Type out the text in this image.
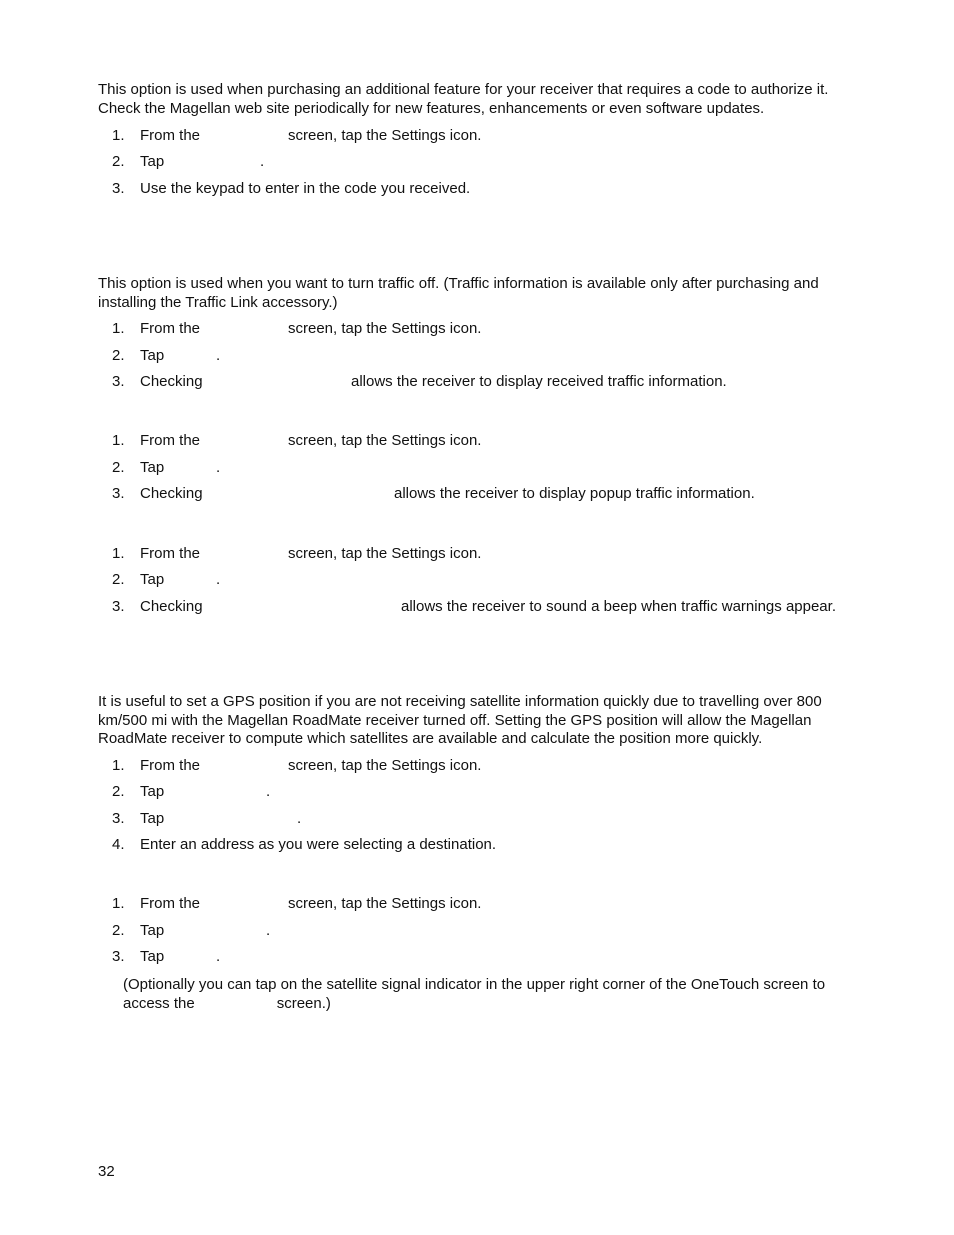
This option is used when purchasing an additional feature for your receiver that requires a code to authorize it. Check the Magellan web site periodically for new features, enhancements or even software updates.

1. From the	screen, tap the Settings icon.
2. Tap	.
3. Use the keypad to enter in the code you received.

This option is used when you want to turn traffic off. (Traffic information is available only after purchasing and installing the Traffic Link accessory.)

1. From the	screen, tap the Settings icon.
2. Tap	.
3. Checking	allows the receiver to display received traffic information.
1. From the	screen, tap the Settings icon.
2. Tap	.
3. Checking	allows the receiver to display popup traffic information.
1. From the	screen, tap the Settings icon.
2. Tap	.
3. Checking	allows the receiver to sound a beep when traffic warnings appear.

It is useful to set a GPS position if you are not receiving satellite information quickly due to travelling over 800 km/500 mi with the Magellan RoadMate receiver turned off. Setting the GPS position will allow the Magellan RoadMate receiver to compute which satellites are available and calculate the position more quickly.

1. From the	screen, tap the Settings icon.
2. Tap	.
3. Tap	.
4. Enter an address as you were selecting a destination.
1. From the	screen, tap the Settings icon.
2. Tap	.
3. Tap	.

(Optionally you can tap on the satellite signal indicator in the upper right corner of the OneTouch screen to access the	screen.)

32
